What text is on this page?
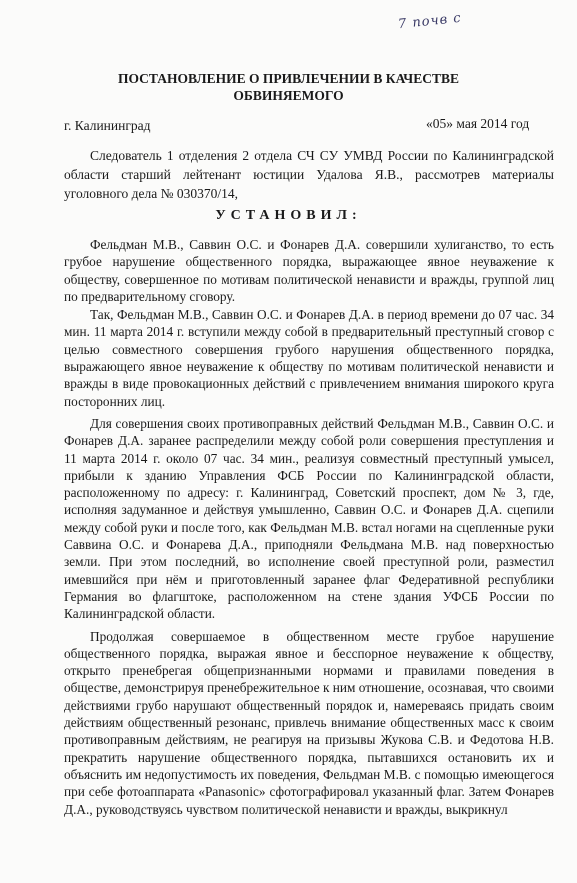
7 почв с
ПОСТАНОВЛЕНИЕ О ПРИВЛЕЧЕНИИ В КАЧЕСТВЕ ОБВИНЯЕМОГО
г. Калининград	«05» мая 2014 год
Следователь 1 отделения 2 отдела СЧ СУ УМВД России по Калининградской области старший лейтенант юстиции Удалова Я.В., рассмотрев материалы уголовного дела № 030370/14,
УСТАНОВИЛ:

Фельдман М.В., Саввин О.С. и Фонарев Д.А. совершили хулиганство, то есть грубое нарушение общественного порядка, выражающее явное неуважение к обществу, совершенное по мотивам политической ненависти и вражды, группой лиц по предварительному сговору.

Так, Фельдман М.В., Саввин О.С. и Фонарев Д.А. в период времени до 07 час. 34 мин. 11 марта 2014 г. вступили между собой в предварительный преступный сговор с целью совместного совершения грубого нарушения общественного порядка, выражающего явное неуважение к обществу по мотивам политической ненависти и вражды в виде провокационных действий с привлечением внимания широкого круга посторонних лиц.

Для совершения своих противоправных действий Фельдман М.В., Саввин О.С. и Фонарев Д.А. заранее распределили между собой роли совершения преступления и 11 марта 2014 г. около 07 час. 34 мин., реализуя совместный преступный умысел, прибыли к зданию Управления ФСБ России по Калининградской области, расположенному по адресу: г. Калининград, Советский проспект, дом № 3, где, исполняя задуманное и действуя умышленно, Саввин О.С. и Фонарев Д.А. сцепили между собой руки и после того, как Фельдман М.В. встал ногами на сцепленные руки Саввина О.С. и Фонарева Д.А., приподняли Фельдмана М.В. над поверхностью земли. При этом последний, во исполнение своей преступной роли, разместил имевшийся при нём и приготовленный заранее флаг Федеративной республики Германия во флагштоке, расположенном на стене здания УФСБ России по Калининградской области.

Продолжая совершаемое в общественном месте грубое нарушение общественного порядка, выражая явное и бесспорное неуважение к обществу, открыто пренебрегая общепризнанными нормами и правилами поведения в обществе, демонстрируя пренебрежительное к ним отношение, осознавая, что своими действиями грубо нарушают общественный порядок и, намереваясь придать своим действиям общественный резонанс, привлечь внимание общественных масс к своим противоправным действиям, не реагируя на призывы Жукова С.В. и Федотова Н.В. прекратить нарушение общественного порядка, пытавшихся остановить их и объяснить им недопустимость их поведения, Фельдман М.В. с помощью имеющегося при себе фотоаппарата «Panasonic» сфотографировал указанный флаг. Затем Фонарев Д.А., руководствуясь чувством политической ненависти и вражды, выкрикнул
